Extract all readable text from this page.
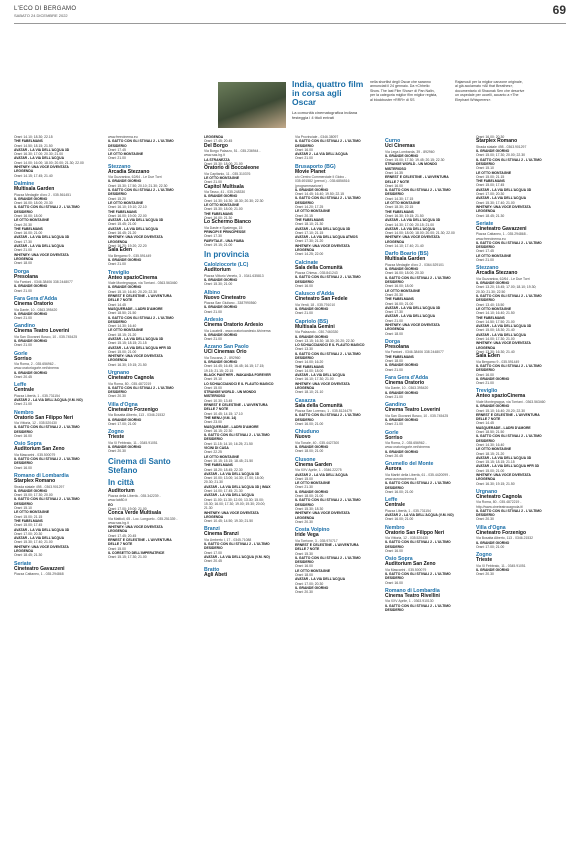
L'ECO DI BERGAMO
SABATO 24 DICEMBRE 2022	69
India, quattro film in corsa agli Oscar
La comunità cinematografica indiana festeggia i 4 titoli entrati
nella shortlist degli Oscar che saranno annunciati il 24 gennaio. Da «Chhello Show. The last Film Show» di Pan Nalin, per la categoria miglior film miglior regista, al blockbuster «RRR» di SS
Rajamouli per la miglior canzone originale, al già acclamato «All that Breathes», documentario di Shaunak Sen che descrive un ospedale per uccelli, accanto a «The Elephant Whisperers».
Orari: 14.10; 18.30; 22.15
THE FABELMANS
Orari: 14.50; 18.15; 21.50
AVATAR - LA VIA DELL'ACQUA 3D
Orari: 16.30; 17.00; 20.30; 21.00
AVATAR - LA VIA DELL'ACQUA
Orari: 14.00; 16.00; 18.00; 20.00; 21.30; 22.00
WHITNEY: UNA VOCE DIVENTATA LEGGENDA
Orari: 14.15; 17.45; 21.40
Dalmine
Multisala Garden
Piazza Medaglie d'oro 2 - 035.561451
IL GRANDE GIORNO
Orari: 16.00; 18.00; 20.30
IL GATTO CON GLI STIVALI 2 - L'ULTIMO DESIDERIO
Orari: 16.00; 18.00
LE OTTO MONTAGNE
Orari: 20.30
THE FABELMANS
Orari: 16.00; 21.00
AVATAR - LA VIA DELL'ACQUA 3D
Orari: 17.30
AVATAR - LA VIA DELL'ACQUA
Orari: 21.00
WHITNEY: UNA VOCE DIVENTATA LEGGENDA
Orari: 18.00
Dorga
Presolana
Via Fantoni - 0346.38406 338 2448077
IL GRANDE GIORNO
Orari: 21.00
Fara Gera d'Adda
Cinema Oratorio
Via Dante, 10 - 0363.395420
IL GRANDE GIORNO
Orari: 21.00
Gandino
Cinema Teatro Loverini
Via San Giovanni Bosco, 10 - 035.745425
IL GRANDE GIORNO
Orari: 21.00
Gorle
Sorriso
Via Roma, 2 - 035.656962 - www.oratoriogorle.net/cinema
IL GRANDE GIORNO
Orari: 20.45
Leffe
Centrale
Piazza Libertà, 1 - 035.731154
AVATAR 2 - LA VIA DELL'ACQUA (V.M. NO)
Orari: 21.00
Nembro
Oratorio San Filippo Neri
Via Vittoria, 12 - 035.520430
IL GATTO CON GLI STIVALI 2 - L'ULTIMO DESIDERIO
Orari: 16.00
Osio Sopra
Auditorium San Zeno
Via Mascarini - 035.500079
IL GATTO CON GLI STIVALI 2 - L'ULTIMO DESIDERIO
Orari: 16.00
Romano di Lombardia
Starplex Romano
Strada statale 498 - 0363.901297
IL GRANDE GIORNO
Orari: 15.00; 17.30; 20.00
IL GATTO CON GLI STIVALI 2 - L'ULTIMO DESIDERIO
Orari: 15.10
LE OTTO MONTAGNE
Orari: 15.00; 21.15
THE FABELMANS
Orari: 15.00; 17.45
AVATAR - LA VIA DELL'ACQUA 3D
Orari: 17.00; 20.30
AVATAR - LA VIA DELL'ACQUA
Orari: 15.30; 17.40; 21.00
WHITNEY: UNA VOCE DIVENTATA LEGGENDA
Orari: 18.45; 21.30
Seriate
Cineteatro Gavazzeni
Piazza Cattaneo, 1 - 035.294868
www.freecinema.eu
IL GATTO CON GLI STIVALI 2 - L'ULTIMO DESIDERIO
Orari: 17.45
LE OTTO MONTAGNE
Orari: 21.00
Stezzano
Arcadia Stezzano
Via Guzzanica, 62/64 - Le Due Torri
IL GRANDE GIORNO
Orari: 15.30; 17.50; 20.10; 21.30; 22.30
IL GATTO CON GLI STIVALI 2 - L'ULTIMO DESIDERIO
Orari: 15.20
LE OTTO MONTAGNE
Orari: 16.10; 19.10; 22.10
THE FABELMANS
Orari: 16.00; 19.00; 22.00
AVATAR - LA VIA DELL'ACQUA 3D
Orari: 15.45; 21.00
AVATAR - LA VIA DELL'ACQUA
Orari: 16.45; 21.20
WHITNEY: UNA VOCE DIVENTATA LEGGENDA
Orari: 16.20; 19.20; 22.20
Sala Eden
Via Bergamo 9 - 035.591449
IL GRANDE GIORNO
Orari: 21.00
Treviglio
Anteo spazioCinema
Viale Montegrappa, via Torriani - 0363.563460
IL GRANDE GIORNO
Orari: 15.10; 16.40; 20.20; 22.30
ERNEST E CELESTINE - L'AVVENTURA DELLE 7 NOTE
Orari: 14.45
MASQUERADE - LADRI D'AMORE
Orari: 18.50; 21.50
IL GATTO CON GLI STIVALI 2 - L'ULTIMO DESIDERIO
Orari: 14.30; 16.40
LE OTTO MONTAGNE
Orari: 18.15; 21.20
AVATAR - LA VIA DELL'ACQUA 3D
Orari: 15.15; 18.15; 21.15
AVATAR - LA VIA DELL'ACQUA HFR 3D
Orari: 15.00; 21.00
WHITNEY: UNA VOCE DIVENTATA LEGGENDA
Orari: 16.30; 19.15; 21.50
Urgnano
Cineteatro Cagnola
Via Roma, 80 - 035.4872219
IL GATTO CON GLI STIVALI 2 - L'ULTIMO DESIDERIO
Orari: 20.30
Villa d'Ogna
Cineteatro Forzenigo
Via Bosatta Alberto, 113 - 0346.21532
IL GRANDE GIORNO
Orari: 17.00; 21.00
Zogno
Trieste
Via XI Febbraio, 11 - 0345.91051
IL GRANDE GIORNO
Orari: 20.30
Cinema di Santo Stefano
In città
Auditorium
Piazza della Libertà - 035.342239 - www.lab80.it
EO
Orari: 17.00; 19.00; 21.00
Conca Verde Multisala
Via Mattioli, 65 - Loc. Longuelo - 035.251339 - www.sas.bg.it
WHITNEY: UNA VOCE DIVENTATA LEGGENDA
Orari: 17.45; 20.45
ERNEST E CELESTINE - L'AVVENTURA DELLE 7 NOTE
Orari: 15.00
IL CORSETTO DELL'IMPERATRICE
Orari: 15.15; 17.30; 21.00
LEGGENDA
Orari: 17.45; 20.45
Del Borgo
Via Borgo Palazzo, 51 - 035.236944 - www.sas.bg.it
LA STRANEZZA
Orari: 15.30; 18.00; 21.00
Oratorio di Boccaleone
Via Capitanio, 11 - 035.310376
LE OTTO MONTAGNE
Orari: 21.00
Capitol Multisala
Via Tasso, 41 - 035.248330
IL GRANDE GIORNO
Orari: 14.30; 16.30; 18.30; 20.30; 22.30
LE OTTO MONTAGNE
Orari: 15.30; 18.00; 21.00
THE FABELMANS
Orari: 16.00; 21.30
Lo Schermo Bianco
Via Daste e Spalenga, 15
PRINCIPI E PRINCIPESSE
Orari: 17.30
FAIRYTALE - UNA FIABA
Orari: 19.15; 21.00
In provincia
Calolziocorte (LC)
Auditorium
Piazza Vittorio Veneto, 3 - 0341.635813
IL GRANDE GIORNO
Orari: 15.30; 21.00
Albino
Nuovo Cineteatro
Piazza San Giuliano - 3387990560
IL GRANDE GIORNO
Orari: 21.00
Ardesio
Cinema Oratorio Ardesio
Via Locatelli - www.oratorioardesio.it/cinema
IL GRANDE GIORNO
Orari: 21.00
Azzano San Paolo
UCI Cinemas Orio
Via Toscana, 2 - 892960
IL GRANDE GIORNO
Orari: 14.45; 16.45; 16.45; 16.15; 17.15; 19.15; 21.15; 22.15
BLACK PANTHER - WAKANDA FOREVER
Orari: 19.10
LO SCHIACCIANOCI E IL FLAUTO MAGICO
Orari: 15.00
STRANGE WORLD - UN MONDO MISTERIOSO
Orari: 10.30; 13.45
ERNEST E CELESTINE - L'AVVENTURA DELLE 7 NOTE
Orari: 10.45; 14.15; 17.10
THE MENU (V.M. 14)
Orari: 23.00
MASQUERADE - LADRI D'AMORE
Orari: 16.15; 22.30
IL GATTO CON GLI STIVALI 2 - L'ULTIMO DESIDERIO
Orari: 11.15; 14.10; 16.25; 21.50
VICINI DI CASA
Orari: 22.25
LE OTTO MONTAGNE
Orari: 10.15; 15.15; 18.45; 21.50
THE FABELMANS
Orari: 18.20; 18.45; 22.30
AVATAR - LA VIA DELL'ACQUA 3D
Orari: 10.00; 13.00; 14.30; 17.00; 18.00; 20.30; 21.30
AVATAR - LA VIA DELL'ACQUA 3D | IMAX
Orari: 14.00; 17.45; 21.30
AVATAR - LA VIA DELL'ACQUA
Orari: 11.00; 11.30; 12.00; 13.30; 15.00; 15.30; 16.00; 17.30; 19.00; 19.30; 20.00; 21.30
WHITNEY: UNA VOCE DIVENTATA LEGGENDA
Orari: 10.45; 14.50; 19.30; 21.50
Branzi
Cinema Branzi
Via Umberto I, 17 - 0345.71088
IL GATTO CON GLI STIVALI 2 - L'ULTIMO DESIDERIO
Orari: 17.00
AVATAR - LA VIA DELL'ACQUA (V.M. NO)
Orari: 20.45
Bratto
Agli Abeti
Via Provinciale - 0346.38097
IL GATTO CON GLI STIVALI 2 - L'ULTIMO DESIDERIO
Orari: 16.00
AVATAR 2 - LA VIA DELL'ACQUA
Orari: 21.00
Brusaporto (BG)
Movie Planet
c/o Centro Commerciale Il Globo - 035.691582 (prenot.) - 035.6856516 (programmazione)
IL GRANDE GIORNO
Orari: 14.45; 16.40; 19.50; 22.15
IL GATTO CON GLI STIVALI 2 - L'ULTIMO DESIDERIO
Orari: 14.20; 17.25
LE OTTO MONTAGNE
Orari: 20.15
THE FABELMANS
Orari: 18.10; 21.30
AVATAR - LA VIA DELL'ACQUA 3D
Orari: 17.10; 21.15
AVATAR - LA VIA DELL'ACQUA ATMOS
Orari: 17.30; 21.20
WHITNEY: UNA VOCE DIVENTATA LEGGENDA
Orari: 14.25; 22.00
Calcinate
Sala della Comunità
Piazza Chiesa - 035.841243
IL GATTO CON GLI STIVALI 2 - L'ULTIMO DESIDERIO
Orari: 16.00
Calusco d'Adda
Cineteatro San Fedele
Via Verdi, 18 - 035.791010
IL GRANDE GIORNO
Orari: 21.00
Capriolo (BS)
Multisala Gemini
Via Palazzolo - 030.7460330
IL GRANDE GIORNO
Orari: 13.15; 16.30; 18.30; 20.20; 22.30
LO SCHIACCIANOCI E IL FLAUTO MAGICO
Orari: 13.30
IL GATTO CON GLI STIVALI 2 - L'ULTIMO DESIDERIO
Orari: 14.00; 16.20
THE FABELMANS
Orari: 14.00; 18.00
AVATAR - LA VIA DELL'ACQUA
Orari: 16.10; 17.30; 21.00
WHITNEY: UNA VOCE DIVENTATA LEGGENDA
Orari: 18.10; 21.10
Casazza
Sala della Comunità
Piazza San Lorenzo, 1 - 035.8124479
IL GATTO CON GLI STIVALI 2 - L'ULTIMO DESIDERIO
Orari: 16.00; 21.00
Chiuduno
Nuovo
Via Tonale, 40 - 035.4427300
IL GRANDE GIORNO
Orari: 18.00; 21.00
Clusone
Cinema Garden
Via XXV Aprile, 1 - 0346.22275
AVATAR 2 - LA VIA DELL'ACQUA
Orari: 15.00
LE OTTO MONTAGNE
Orari: 21.30
IL GRANDE GIORNO
Orari: 18.00; 21.00
IL GATTO CON GLI STIVALI 2 - L'ULTIMO DESIDERIO
Orari: 15.30; 18.30
WHITNEY: UNA VOCE DIVENTATA LEGGENDA
Orari: 20.30
Costa Volpino
Iride Vega
Via Torrione, 3 - 035.970717
ERNEST E CELESTINE - L'AVVENTURA DELLE 7 NOTE
Orari: 15.30
IL GATTO CON GLI STIVALI 2 - L'ULTIMO DESIDERIO
Orari: 16.00
LE OTTO MONTAGNE
Orari: 18.00
AVATAR - LA VIA DELL'ACQUA
Orari: 17.00; 20.30
IL GRANDE GIORNO
Orari: 20.30
Curno
Uci Cinemas
Via Lega Lombarda, 39 - 892960
IL GRANDE GIORNO
Orari: 15.00; 17.30; 19.45; 20.15; 22.30
STRANGE WORLD - UN MONDO MISTERIOSO
Orari: 14.35
ERNEST E CELESTINE - L'AVVENTURA DELLE 7 NOTE
Orari: 16.00
IL GATTO CON GLI STIVALI 2 - L'ULTIMO DESIDERIO
Orari: 14.30; 17.15
LE OTTO MONTAGNE
Orari: 18.30; 22.15
THE FABELMANS
Orari: 16.30; 19.15; 21.50
AVATAR - LA VIA DELL'ACQUA 3D
Orari: 14.30; 17.00; 20.15; 21.00
AVATAR - LA VIA DELL'ACQUA
Orari: 14.00; 18.00; 18.00; 20.00; 21.30; 22.00
WHITNEY: UNA VOCE DIVENTATA LEGGENDA
Orari: 14.10; 17.40; 21.40
Darfo Boario (BS)
Multisala Garden
Piazza Medaglie d'oro 2 - 0364.529101
IL GRANDE GIORNO
Orari: 16.00; 18.00; 20.30
IL GATTO CON GLI STIVALI 2 - L'ULTIMO DESIDERIO
Orari: 16.00; 18.00
LE OTTO MONTAGNE
Orari: 20.30
THE FABELMANS
Orari: 16.00; 21.00
AVATAR - LA VIA DELL'ACQUA 3D
Orari: 17.30
AVATAR - LA VIA DELL'ACQUA
Orari: 21.00
WHITNEY: UNA VOCE DIVENTATA LEGGENDA
Orari: 18.00
Dorga
Presolana
Via Fantoni - 0346.38406 338 2448077
THE FABELMANS
Orari: 18.00
IL GRANDE GIORNO
Orari: 21.00
Fara Gera d'Adda
Cinema Oratorio
Via Dante, 10 - 0363.395420
IL GRANDE GIORNO
Orari: 21.00
Gandino
Cinema Teatro Loverini
Via San Giovanni Bosco, 10 - 035.745425
IL GRANDE GIORNO
Orari: 21.00
Gorle
Sorriso
Via Roma, 2 - 035.656962 - www.oratoriogorle.net/cinema
IL GRANDE GIORNO
Orari: 20.45
Grumello del Monte
Aurora
Via Martiri della Libertà, 61 - 035.4420099 - www.auroracinema.it
IL GATTO CON GLI STIVALI 2 - L'ULTIMO DESIDERIO
Orari: 16.00; 21.00
Leffe
Centrale
Piazza Libertà, 1 - 035.731154
AVATAR 2 - LA VIA DELL'ACQUA (V.M. NO)
Orari: 16.00; 21.00
Nembro
Oratorio San Filippo Neri
Via Vittoria, 12 - 035.520430
IL GATTO CON GLI STIVALI 2 - L'ULTIMO DESIDERIO
Orari: 16.00
Osio Sopra
Auditorium San Zeno
Via Mascarini - 035.500079
IL GATTO CON GLI STIVALI 2 - L'ULTIMO DESIDERIO
Orari: 16.00
Romano di Lombardia
Cinema Teatro Rivellini
Via XXV Aprile, 1 - 0363.910130
IL GATTO CON GLI STIVALI 2 - L'ULTIMO DESIDERIO
Orari: 16.00; 20.30
Starplex Romano
Strada statale 498 - 0363.901297
IL GRANDE GIORNO
Orari: 15.00; 17.30; 20.00; 22.30
IL GATTO CON GLI STIVALI 2 - L'ULTIMO DESIDERIO
Orari: 15.10
LE OTTO MONTAGNE
Orari: 15.00; 21.15
THE FABELMANS
Orari: 15.00; 17.45
AVATAR - LA VIA DELL'ACQUA 3D
Orari: 17.00; 20.30
AVATAR - LA VIA DELL'ACQUA
Orari: 15.30; 17.40; 21.00
WHITNEY: UNA VOCE DIVENTATA LEGGENDA
Orari: 18.45; 21.30
Seriate
Cineteatro Gavazzeni
Piazza Cattaneo, 1 - 035.294868 - www.freecinema.eu
IL GATTO CON GLI STIVALI 2 - L'ULTIMO DESIDERIO
Orari: 17.45
LE OTTO MONTAGNE
Orari: 21.00
Stezzano
Arcadia Stezzano
Via Guzzanica, 62/64 - Le Due Torri
IL GRANDE GIORNO
Orari: 13.20; 15.45; 17.00; 18.10; 19.30; 20.30; 21.30; 22.50
IL GATTO CON GLI STIVALI 2 - L'ULTIMO DESIDERIO
Orari: 13.40; 15.50
LE OTTO MONTAGNE
Orari: 14.10; 16.40; 21.50
THE FABELMANS
Orari: 14.50; 17.50; 21.00
AVATAR - LA VIA DELL'ACQUA 3D
Orari: 15.00; 18.30; 21.40
AVATAR - LA VIA DELL'ACQUA
Orari: 14.00; 17.30; 21.00
WHITNEY: UNA VOCE DIVENTATA LEGGENDA
Orari: 13.30; 16.30; 21.40
Sala Eden
Via Bergamo 9 - 035.591449
IL GATTO CON GLI STIVALI 2 - L'ULTIMO DESIDERIO
Orari: 16.00
IL GRANDE GIORNO
Orari: 21.00
Treviglio
Anteo spazioCinema
Viale Montegrappa, via Torriani - 0363.563460
IL GRANDE GIORNO
Orari: 15.10; 16.40; 20.20; 22.30
ERNEST E CELESTINE - L'AVVENTURA DELLE 7 NOTE
Orari: 14.45
MASQUERADE - LADRI D'AMORE
Orari: 18.50; 21.50
IL GATTO CON GLI STIVALI 2 - L'ULTIMO DESIDERIO
Orari: 14.30; 16.40
LE OTTO MONTAGNE
Orari: 18.15; 21.20
AVATAR - LA VIA DELL'ACQUA 3D
Orari: 15.15; 18.15; 21.15
AVATAR - LA VIA DELL'ACQUA HFR 3D
Orari: 15.00; 21.00
WHITNEY: UNA VOCE DIVENTATA LEGGENDA
Orari: 16.30; 19.15; 21.50
Urgnano
Cineteatro Cagnola
Via Roma, 80 - 035.4872219 - http://www.cineteatrocagnola.it/
IL GATTO CON GLI STIVALI 2 - L'ULTIMO DESIDERIO
Orari: 20.30
Villa d'Ogna
Cineteatro Forzenigo
Via Bosatta Alberto, 113 - 0346.21532
IL GRANDE GIORNO
Orari: 17.00; 21.00
Zogno
Trieste
Via XI Febbraio, 11 - 0345.91051
IL GRANDE GIORNO
Orari: 20.30
